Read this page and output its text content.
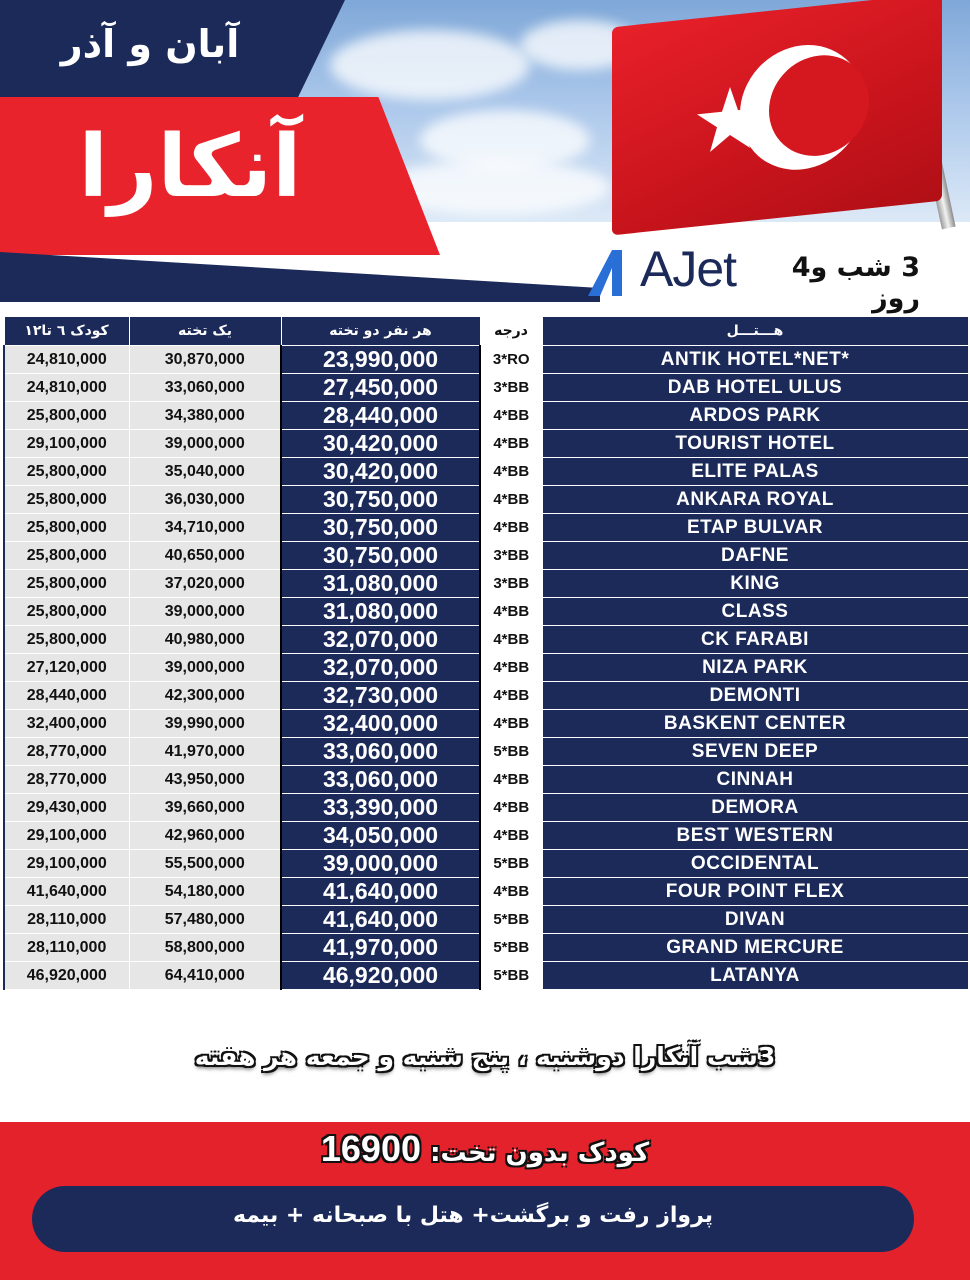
آبان و آذر
آنکارا
AJet	3 شب و4 روز
کودک ٦ تا١٢	یک تخته	هر نفر دو تخته	درجه	هـــتـــل
24,810,000	30,870,000	23,990,000	3*RO	ANTIK HOTEL*NET*
24,810,000	33,060,000	27,450,000	3*BB	DAB HOTEL ULUS
25,800,000	34,380,000	28,440,000	4*BB	ARDOS PARK
29,100,000	39,000,000	30,420,000	4*BB	TOURIST HOTEL
25,800,000	35,040,000	30,420,000	4*BB	ELITE PALAS
25,800,000	36,030,000	30,750,000	4*BB	ANKARA ROYAL
25,800,000	34,710,000	30,750,000	4*BB	ETAP BULVAR
25,800,000	40,650,000	30,750,000	3*BB	DAFNE
25,800,000	37,020,000	31,080,000	3*BB	KING
25,800,000	39,000,000	31,080,000	4*BB	CLASS
25,800,000	40,980,000	32,070,000	4*BB	CK FARABI
27,120,000	39,000,000	32,070,000	4*BB	NIZA PARK
28,440,000	42,300,000	32,730,000	4*BB	DEMONTI
32,400,000	39,990,000	32,400,000	4*BB	BASKENT CENTER
28,770,000	41,970,000	33,060,000	5*BB	SEVEN DEEP
28,770,000	43,950,000	33,060,000	4*BB	CINNAH
29,430,000	39,660,000	33,390,000	4*BB	DEMORA
29,100,000	42,960,000	34,050,000	4*BB	BEST WESTERN
29,100,000	55,500,000	39,000,000	5*BB	OCCIDENTAL
41,640,000	54,180,000	41,640,000	4*BB	FOUR POINT FLEX
28,110,000	57,480,000	41,640,000	5*BB	DIVAN
28,110,000	58,800,000	41,970,000	5*BB	GRAND MERCURE
46,920,000	64,410,000	46,920,000	5*BB	LATANYA
3شب آنکارا دوشنبه ، پنج شنبه و جمعه هر هفته
کودک بدون تخت: 16900
پرواز رفت و برگشت+ هتل با صبحانه + بیمه
